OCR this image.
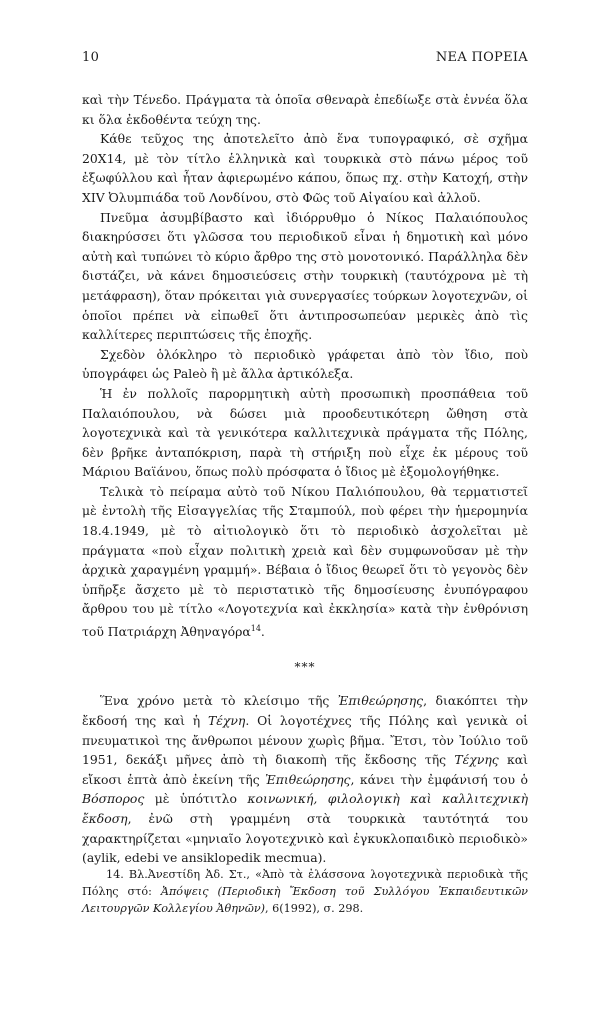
10	ΝΕΑ ΠΟΡΕΙΑ

καὶ τὴν Τένεδο. Πράγματα τὰ ὁποῖα σθεναρὰ ἐπεδίωξε στὰ ἐννέα ὅλα κι ὅλα ἐκδοθέντα τεύχη της.

Κάθε τεῦχος της ἀποτελεῖτο ἀπὸ ἕνα τυπογραφικό, σὲ σχῆμα 20Χ14, μὲ τὸν τίτλο ἑλληνικὰ καὶ τουρκικὰ στὸ πάνω μέρος τοῦ ἐξωφύλλου καὶ ἦταν ἀφιερωμένο κάπου, ὅπως πχ. στὴν Κατοχή, στὴν XIV Ὀλυμπιάδα τοῦ Λονδίνου, στὸ Φῶς τοῦ Αἰγαίου καὶ ἀλλοῦ.

Πνεῦμα ἀσυμβίβαστο καὶ ἰδιόρρυθμο ὁ Νίκος Παλαιόπουλος διακηρύσσει ὅτι γλῶσσα του περιοδικοῦ εἶναι ἡ δημοτικὴ καὶ μόνο αὐτὴ καὶ τυπώνει τὸ κύριο ἄρθρο της στὸ μονοτονικό. Παράλληλα δὲν διστάζει, νὰ κάνει δημοσιεύσεις στὴν τουρκικὴ (ταυτόχρονα μὲ τὴ μετάφραση), ὅταν πρόκειται γιὰ συνεργασίες τούρκων λογοτεχνῶν, οἱ ὁποῖοι πρέπει νὰ εἰπωθεῖ ὅτι ἀντιπροσωπεύαν μερικὲς ἀπὸ τὶς καλλίτερες περιπτώσεις τῆς ἐποχῆς.

Σχεδὸν ὁλόκληρο τὸ περιοδικὸ γράφεται ἀπὸ τὸν ἴδιο, ποὺ ὑπογράφει ὡς Paleò ἢ μὲ ἄλλα ἀρτικόλεξα.

Ἡ ἐν πολλοῖς παρορμητικὴ αὐτὴ προσωπικὴ προσπάθεια τοῦ Παλαιόπουλου, νὰ δώσει μιὰ προοδευτικότερη ὤθηση στὰ λογοτεχνικὰ καὶ τὰ γενικότερα καλλιτεχνικὰ πράγματα τῆς Πόλης, δὲν βρῆκε ἀνταπόκριση, παρὰ τὴ στήριξη ποὺ εἶχε ἐκ μέρους τοῦ Μάριου Βαϊάνου, ὅπως πολὺ πρόσφατα ὁ ἴδιος μὲ ἐξομολογήθηκε.

Τελικὰ τὸ πείραμα αὐτὸ τοῦ Νίκου Παλιόπουλου, θὰ τερματιστεῖ μὲ ἐντολὴ τῆς Εἰσαγγελίας τῆς Σταμπούλ, ποὺ φέρει τὴν ἡμερομηνία 18.4.1949, μὲ τὸ αἰτιολογικὸ ὅτι τὸ περιοδικὸ ἀσχολεῖται μὲ πράγματα «ποὺ εἶχαν πολιτικὴ χρειὰ καὶ δὲν συμφωνοῦσαν μὲ τὴν ἀρχικὰ χαραγμένη γραμμή». Βέβαια ὁ ἴδιος θεωρεῖ ὅτι τὸ γεγονὸς δὲν ὑπῆρξε ἄσχετο μὲ τὸ περιστατικὸ τῆς δημοσίευσης ἐνυπόγραφου ἄρθρου του μὲ τίτλο «Λογοτεχνία καὶ ἐκκλησία» κατὰ τὴν ἐνθρόνιση τοῦ Πατριάρχη Ἀθηναγόρα$^{14}$.

***

Ἕνα χρόνο μετὰ τὸ κλείσιμο τῆς Ἐπιθεώρησης, διακόπτει τὴν ἔκδοσή της καὶ ἡ Τέχνη. Οἱ λογοτέχνες τῆς Πόλης καὶ γενικὰ οἱ πνευματικοὶ της ἄνθρωποι μένουν χωρὶς βῆμα. Ἔτσι, τὸν Ἰούλιο τοῦ 1951, δεκάξι μῆνες ἀπὸ τὴ διακοπὴ τῆς ἔκδοσης τῆς Τέχνης καὶ εἴκοσι ἑπτὰ ἀπὸ ἐκείνη τῆς Ἐπιθεώρησης, κάνει τὴν ἐμφάνισή του ὁ Βόσπορος μὲ ὑπότιτλο κοινωνική, φιλολογικὴ καὶ καλλιτεχνικὴ ἔκδοση, ἐνῶ στὴ γραμμένη στὰ τουρκικὰ ταυτότητά του χαρακτηρίζεται «μηνιαῖο λογοτεχνικὸ καὶ ἐγκυκλοπαιδικὸ περιοδικὸ» (aylik, edebi ve ansiklopedik mecmua).

14. Βλ.Ἀνεστίδη Ἀδ. Στ., «Ἀπὸ τὰ ἐλάσσονα λογοτεχνικὰ περιοδικὰ τῆς Πόλης στό: Ἀπόψεις (Περιοδικὴ Ἔκδοση τοῦ Συλλόγου Ἐκπαιδευτικῶν Λειτουργῶν Κολλεγίου Ἀθηνῶν), 6(1992), σ. 298.
